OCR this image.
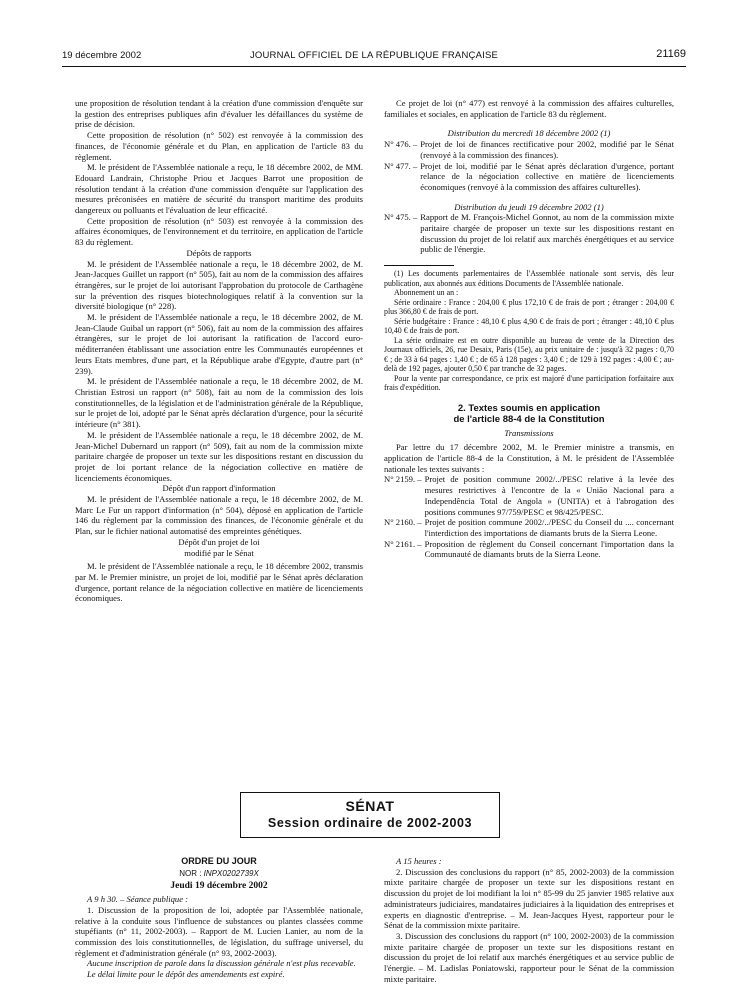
19 décembre 2002	JOURNAL OFFICIEL DE LA RÉPUBLIQUE FRANÇAISE	21169

une proposition de résolution tendant à la création d'une commission d'enquête sur la gestion des entreprises publiques afin d'évaluer les défaillances du système de prise de décision.

Cette proposition de résolution (n° 502) est renvoyée à la commission des finances, de l'économie générale et du Plan, en application de l'article 83 du règlement.

M. le président de l'Assemblée nationale a reçu, le 18 décembre 2002, de MM. Edouard Landrain, Christophe Priou et Jacques Barrot une proposition de résolution tendant à la création d'une commission d'enquête sur l'application des mesures préconisées en matière de sécurité du transport maritime des produits dangereux ou polluants et l'évaluation de leur efficacité.

Cette proposition de résolution (n° 503) est renvoyée à la commission des affaires économiques, de l'environnement et du territoire, en application de l'article 83 du règlement.

Dépôts de rapports

M. le président de l'Assemblée nationale a reçu, le 18 décembre 2002, de M. Jean-Jacques Guillet un rapport (n° 505), fait au nom de la commission des affaires étrangères, sur le projet de loi autorisant l'approbation du protocole de Carthagène sur la prévention des risques biotechnologiques relatif à la convention sur la diversité biologique (n° 228).

M. le président de l'Assemblée nationale a reçu, le 18 décembre 2002, de M. Jean-Claude Guibal un rapport (n° 506), fait au nom de la commission des affaires étrangères, sur le projet de loi autorisant la ratification de l'accord euro-méditerranéen établissant une association entre les Communautés européennes et leurs Etats membres, d'une part, et la République arabe d'Egypte, d'autre part (n° 239).

M. le président de l'Assemblée nationale a reçu, le 18 décembre 2002, de M. Christian Estrosi un rapport (n° 508), fait au nom de la commission des lois constitutionnelles, de la législation et de l'administration générale de la République, sur le projet de loi, adopté par le Sénat après déclaration d'urgence, pour la sécurité intérieure (n° 381).

M. le président de l'Assemblée nationale a reçu, le 18 décembre 2002, de M. Jean-Michel Dubernard un rapport (n° 509), fait au nom de la commission mixte paritaire chargée de proposer un texte sur les dispositions restant en discussion du projet de loi portant relance de la négociation collective en matière de licenciements économiques.

Dépôt d'un rapport d'information

M. le président de l'Assemblée nationale a reçu, le 18 décembre 2002, de M. Marc Le Fur un rapport d'information (n° 504), déposé en application de l'article 146 du règlement par la commission des finances, de l'économie générale et du Plan, sur le fichier national automatisé des empreintes génétiques.

Dépôt d'un projet de loi

modifié par le Sénat

M. le président de l'Assemblée nationale a reçu, le 18 décembre 2002, transmis par M. le Premier ministre, un projet de loi, modifié par le Sénat après déclaration d'urgence, portant relance de la négociation collective en matière de licenciements économiques.

Ce projet de loi (n° 477) est renvoyé à la commission des affaires culturelles, familiales et sociales, en application de l'article 83 du règlement.

Distribution du mercredi 18 décembre 2002 (1)

N° 476. – Projet de loi de finances rectificative pour 2002, modifié par le Sénat (renvoyé à la commission des finances).
N° 477. – Projet de loi, modifié par le Sénat après déclaration d'urgence, portant relance de la négociation collective en matière de licenciements économiques (renvoyé à la commission des affaires culturelles).

Distribution du jeudi 19 décembre 2002 (1)

N° 475. – Rapport de M. François-Michel Gonnot, au nom de la commission mixte paritaire chargée de proposer un texte sur les dispositions restant en discussion du projet de loi relatif aux marchés énergétiques et au service public de l'énergie.

(1) Les documents parlementaires de l'Assemblée nationale sont servis, dès leur publication, aux abonnés aux éditions Documents de l'Assemblée nationale.

Abonnement un an :

Série ordinaire : France : 204,00 € plus 172,10 € de frais de port ; étranger : 204,00 € plus 366,80 € de frais de port.

Série budgétaire : France : 48,10 € plus 4,90 € de frais de port ; étranger : 48,10 € plus 10,40 € de frais de port.

La série ordinaire est en outre disponible au bureau de vente de la Direction des Journaux officiels, 26, rue Desaix, Paris (15e), au prix unitaire de : jusqu'à 32 pages : 0,70 € ; de 33 à 64 pages : 1,40 € ; de 65 à 128 pages : 3,40 € ; de 129 à 192 pages : 4,00 € ; au-delà de 192 pages, ajouter 0,50 € par tranche de 32 pages.

Pour la vente par correspondance, ce prix est majoré d'une participation forfaitaire aux frais d'expédition.

2. Textes soumis en application
de l'article 88-4 de la Constitution

Transmissions

Par lettre du 17 décembre 2002, M. le Premier ministre a transmis, en application de l'article 88-4 de la Constitution, à M. le président de l'Assemblée nationale les textes suivants :

N° 2159. – Projet de position commune 2002/../PESC relative à la levée des mesures restrictives à l'encontre de la « União Nacional para a Independência Total de Angola » (UNITA) et à l'abrogation des positions communes 97/759/PESC et 98/425/PESC.
N° 2160. – Projet de position commune 2002/../PESC du Conseil du .... concernant l'interdiction des importations de diamants bruts de la Sierra Leone.
N° 2161. – Proposition de règlement du Conseil concernant l'importation dans la Communauté de diamants bruts de la Sierra Leone.
SÉNAT
Session ordinaire de 2002-2003
ORDRE DU JOUR
NOR : INPX0202739X
Jeudi 19 décembre 2002

A 9 h 30. – Séance publique :

1. Discussion de la proposition de loi, adoptée par l'Assemblée nationale, relative à la conduite sous l'influence de substances ou plantes classées comme stupéfiants (n° 11, 2002-2003). – Rapport de M. Lucien Lanier, au nom de la commission des lois constitutionnelles, de législation, du suffrage universel, du règlement et d'administration générale (n° 93, 2002-2003).

Aucune inscription de parole dans la discussion générale n'est plus recevable.

Le délai limite pour le dépôt des amendements est expiré.

A 15 heures :

2. Discussion des conclusions du rapport (n° 85, 2002-2003) de la commission mixte paritaire chargée de proposer un texte sur les dispositions restant en discussion du projet de loi modifiant la loi n° 85-99 du 25 janvier 1985 relative aux administrateurs judiciaires, mandataires judiciaires à la liquidation des entreprises et experts en diagnostic d'entreprise. – M. Jean-Jacques Hyest, rapporteur pour le Sénat de la commission mixte paritaire.

3. Discussion des conclusions du rapport (n° 100, 2002-2003) de la commission mixte paritaire chargée de proposer un texte sur les dispositions restant en discussion du projet de loi relatif aux marchés énergétiques et au service public de l'énergie. – M. Ladislas Poniatowski, rapporteur pour le Sénat de la commission mixte paritaire.
